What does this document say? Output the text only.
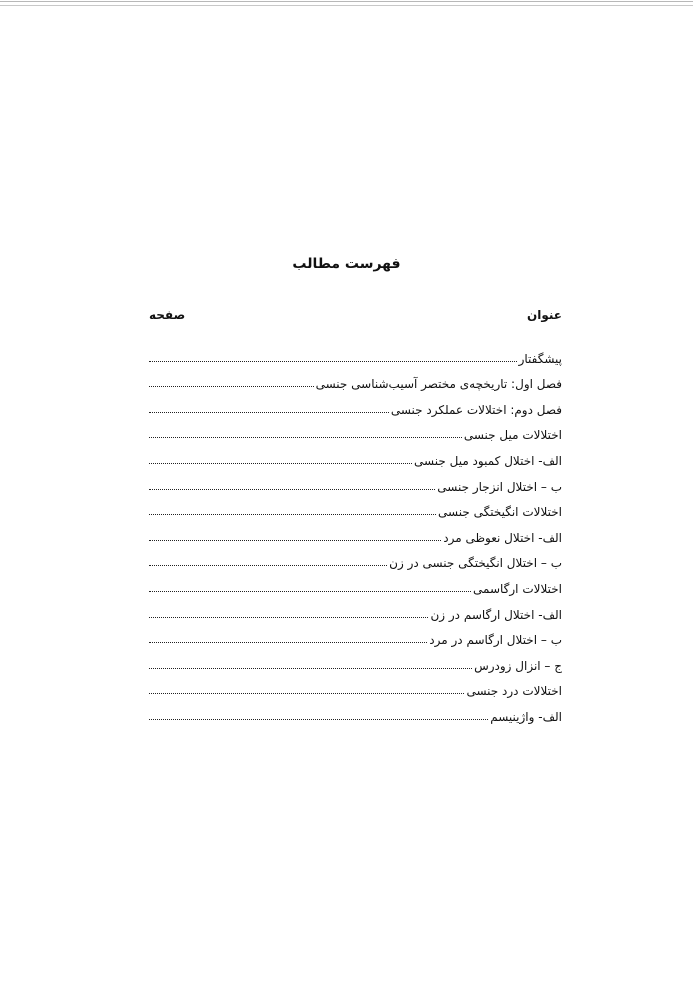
فهرست مطالب
عنوان
صفحه
پیشگفتار
فصل اول: تاریخچه‌ی مختصر آسیب‌شناسی جنسی
فصل دوم: اختلالات عملکرد جنسی
اختلالات میل جنسی
الف- اختلال کمبود میل جنسی
ب – اختلال انزجار جنسی
اختلالات انگیختگی جنسی
الف- اختلال نعوظی مرد
ب – اختلال انگیختگی جنسی در زن
اختلالات ارگاسمی
الف- اختلال ارگاسم در زن
ب – اختلال ارگاسم در مرد
ج – انزال زودرس
اختلالات درد جنسی
الف- واژینیسم
